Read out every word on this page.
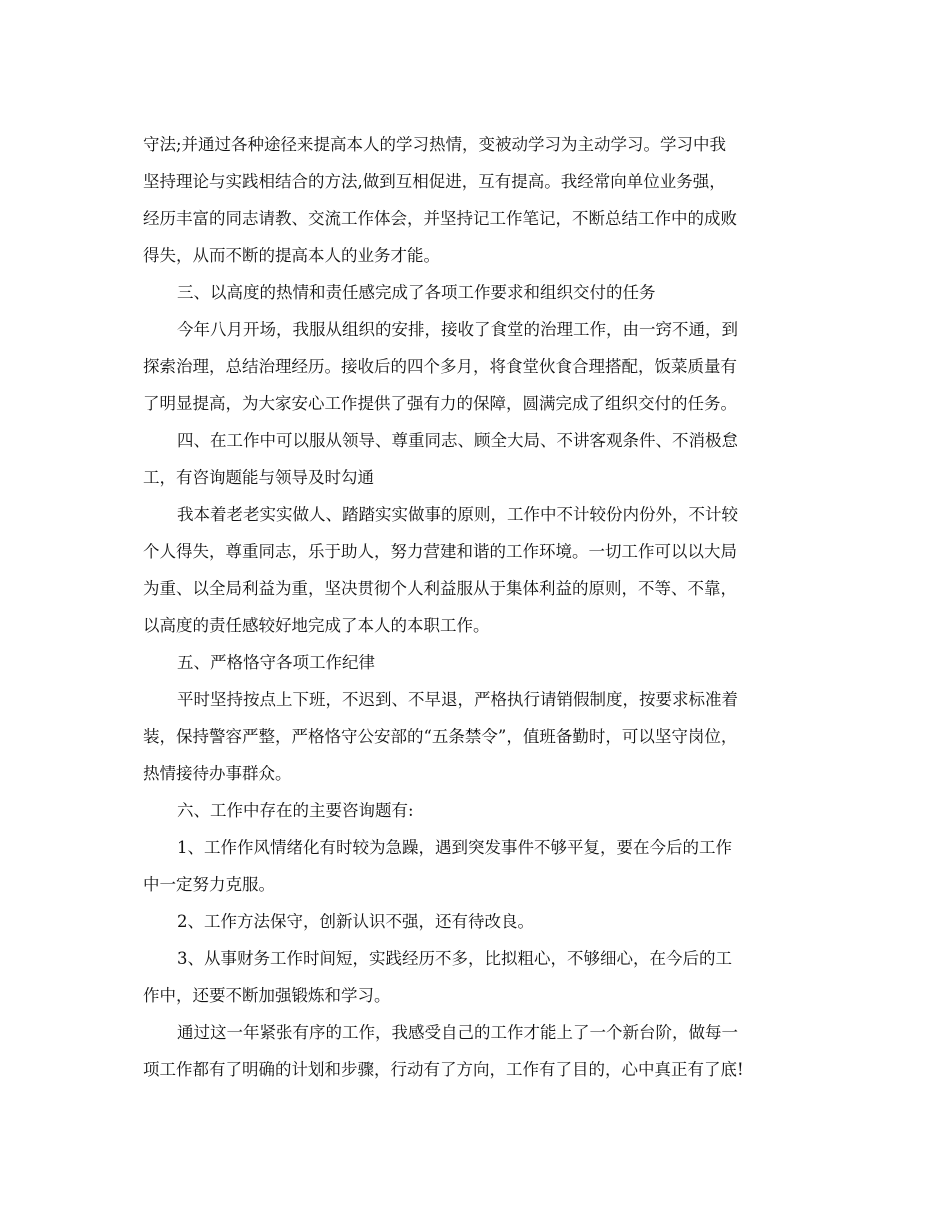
守法;并通过各种途径来提高本人的学习热情，变被动学习为主动学习。学习中我
坚持理论与实践相结合的方法,做到互相促进，互有提高。我经常向单位业务强，
经历丰富的同志请教、交流工作体会，并坚持记工作笔记，不断总结工作中的成败
得失，从而不断的提高本人的业务才能。
三、以高度的热情和责任感完成了各项工作要求和组织交付的任务
今年八月开场，我服从组织的安排，接收了食堂的治理工作，由一窍不通，到
探索治理，总结治理经历。接收后的四个多月，将食堂伙食合理搭配，饭菜质量有
了明显提高，为大家安心工作提供了强有力的保障，圆满完成了组织交付的任务。
四、在工作中可以服从领导、尊重同志、顾全大局、不讲客观条件、不消极怠
工，有咨询题能与领导及时勾通
我本着老老实实做人、踏踏实实做事的原则，工作中不计较份内份外，不计较
个人得失，尊重同志，乐于助人，努力营建和谐的工作环境。一切工作可以以大局
为重、以全局利益为重，坚决贯彻个人利益服从于集体利益的原则，不等、不靠，
以高度的责任感较好地完成了本人的本职工作。
五、严格恪守各项工作纪律
平时坚持按点上下班，不迟到、不早退，严格执行请销假制度，按要求标准着
装，保持警容严整，严格恪守公安部的“五条禁令”，值班备勤时，可以坚守岗位，
热情接待办事群众。
六、工作中存在的主要咨询题有:
1、工作作风情绪化有时较为急躁，遇到突发事件不够平复，要在今后的工作
中一定努力克服。
2、工作方法保守，创新认识不强，还有待改良。
3、从事财务工作时间短，实践经历不多，比拟粗心，不够细心，在今后的工
作中，还要不断加强锻炼和学习。
通过这一年紧张有序的工作，我感受自己的工作才能上了一个新台阶，做每一
项工作都有了明确的计划和步骤，行动有了方向，工作有了目的，心中真正有了底!
